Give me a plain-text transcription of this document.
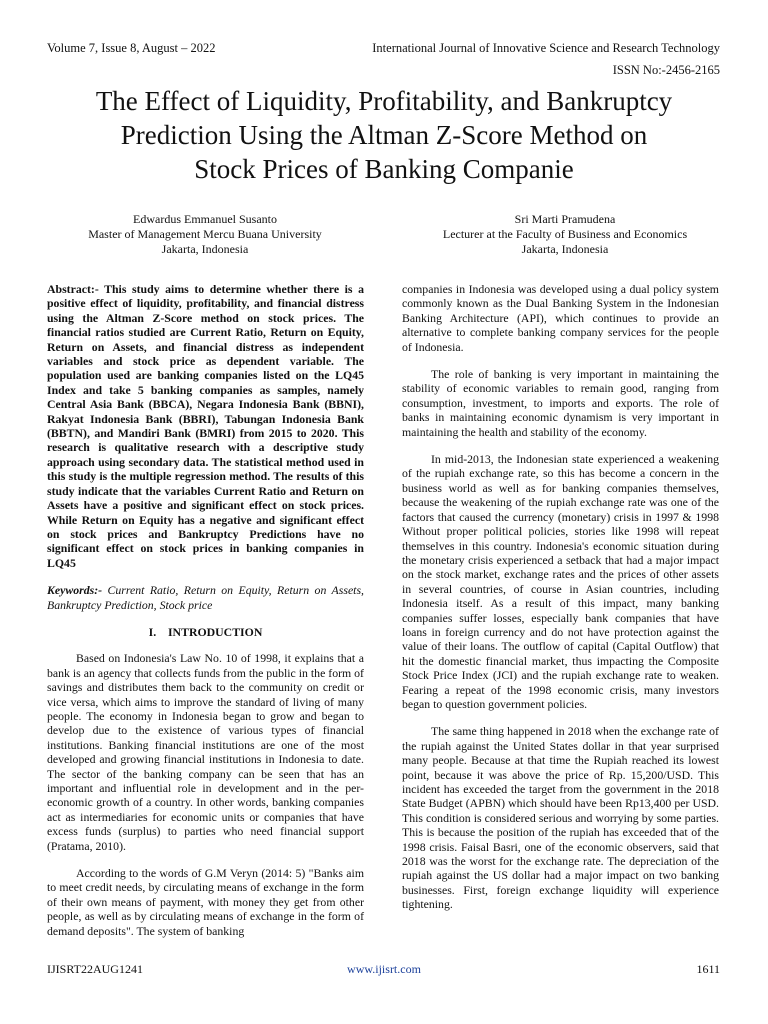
Volume 7, Issue 8, August – 2022	International Journal of Innovative Science and Research Technology
ISSN No:-2456-2165
The Effect of Liquidity, Profitability, and Bankruptcy
Prediction Using the Altman Z-Score Method on
Stock Prices of Banking Companie
Edwardus Emmanuel Susanto
Master of Management Mercu Buana University
Jakarta, Indonesia
Sri Marti Pramudena
Lecturer at the Faculty of Business and Economics
Jakarta, Indonesia

Abstract:- This study aims to determine whether there is a positive effect of liquidity, profitability, and financial distress using the Altman Z-Score method on stock prices. The financial ratios studied are Current Ratio, Return on Equity, Return on Assets, and financial distress as independent variables and stock price as dependent variable. The population used are banking companies listed on the LQ45 Index and take 5 banking companies as samples, namely Central Asia Bank (BBCA), Negara Indonesia Bank (BBNI), Rakyat Indonesia Bank (BBRI), Tabungan Indonesia Bank (BBTN), and Mandiri Bank (BMRI) from 2015 to 2020. This research is qualitative research with a descriptive study approach using secondary data. The statistical method used in this study is the multiple regression method. The results of this study indicate that the variables Current Ratio and Return on Assets have a positive and significant effect on stock prices. While Return on Equity has a negative and significant effect on stock prices and Bankruptcy Predictions have no significant effect on stock prices in banking companies in LQ45

Keywords:- Current Ratio, Return on Equity, Return on Assets, Bankruptcy Prediction, Stock price

I.    INTRODUCTION

Based on Indonesia's Law No. 10 of 1998, it explains that a bank is an agency that collects funds from the public in the form of savings and distributes them back to the community on credit or vice versa, which aims to improve the standard of living of many people. The economy in Indonesia began to grow and began to develop due to the existence of various types of financial institutions. Banking financial institutions are one of the most developed and growing financial institutions in Indonesia to date. The sector of the banking company can be seen that has an important and influential role in development and in the per-economic growth of a country. In other words, banking companies act as intermediaries for economic units or companies that have excess funds (surplus) to parties who need financial support (Pratama, 2010).

According to the words of G.M Veryn (2014: 5) "Banks aim to meet credit needs, by circulating means of exchange in the form of their own means of payment, with money they get from other people, as well as by circulating means of exchange in the form of demand deposits". The system of banking

companies in Indonesia was developed using a dual policy system commonly known as the Dual Banking System in the Indonesian Banking Architecture (API), which continues to provide an alternative to complete banking company services for the people of Indonesia.

The role of banking is very important in maintaining the stability of economic variables to remain good, ranging from consumption, investment, to imports and exports. The role of banks in maintaining economic dynamism is very important in maintaining the health and stability of the economy.

In mid-2013, the Indonesian state experienced a weakening of the rupiah exchange rate, so this has become a concern in the business world as well as for banking companies themselves, because the weakening of the rupiah exchange rate was one of the factors that caused the currency (monetary) crisis in 1997 & 1998 Without proper political policies, stories like 1998 will repeat themselves in this country. Indonesia's economic situation during the monetary crisis experienced a setback that had a major impact on the stock market, exchange rates and the prices of other assets in several countries, of course in Asian countries, including Indonesia itself. As a result of this impact, many banking companies suffer losses, especially bank companies that have loans in foreign currency and do not have protection against the value of their loans. The outflow of capital (Capital Outflow) that hit the domestic financial market, thus impacting the Composite Stock Price Index (JCI) and the rupiah exchange rate to weaken. Fearing a repeat of the 1998 economic crisis, many investors began to question government policies.

The same thing happened in 2018 when the exchange rate of the rupiah against the United States dollar in that year surprised many people. Because at that time the Rupiah reached its lowest point, because it was above the price of Rp. 15,200/USD. This incident has exceeded the target from the government in the 2018 State Budget (APBN) which should have been Rp13,400 per USD. This condition is considered serious and worrying by some parties. This is because the position of the rupiah has exceeded that of the 1998 crisis. Faisal Basri, one of the economic observers, said that 2018 was the worst for the exchange rate. The depreciation of the rupiah against the US dollar had a major impact on two banking businesses. First, foreign exchange liquidity will experience tightening.

IJISRT22AUG1241	www.ijisrt.com	1611
